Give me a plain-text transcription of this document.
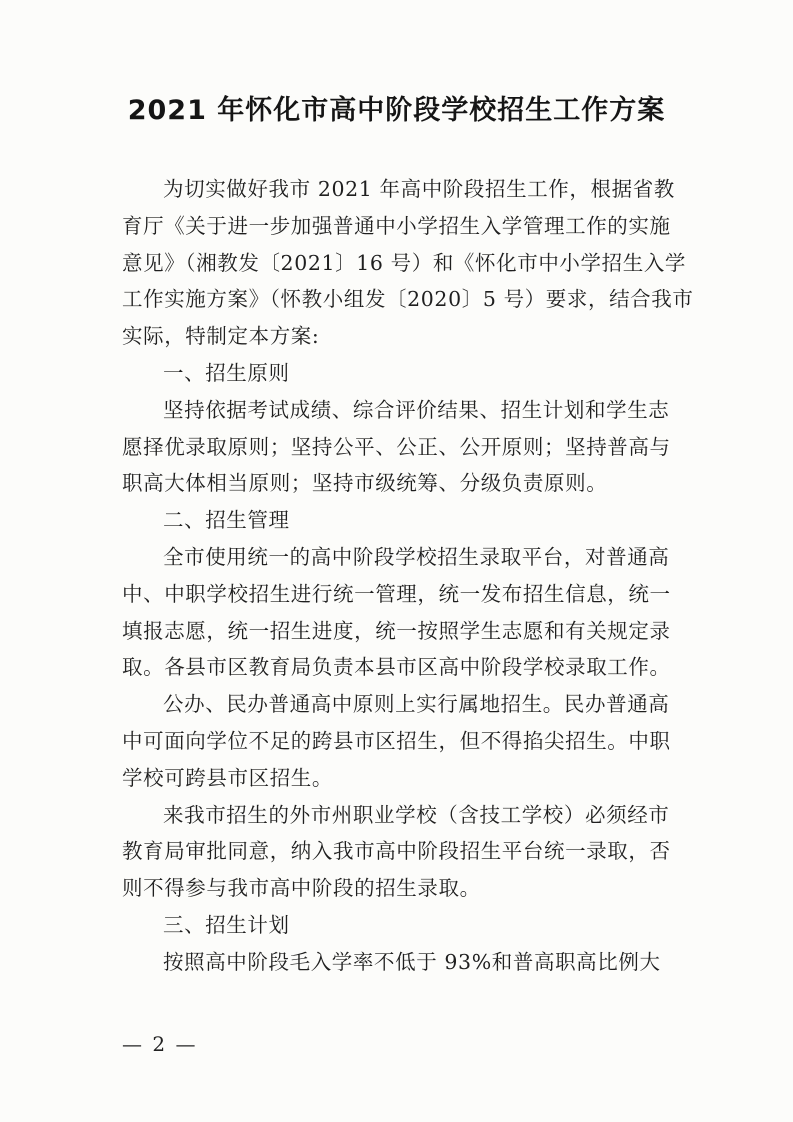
2021 年怀化市高中阶段学校招生工作方案
为切实做好我市 2021 年高中阶段招生工作，根据省教
育厅《关于进一步加强普通中小学招生入学管理工作的实施
意见》（湘教发〔2021〕16 号）和《怀化市中小学招生入学
工作实施方案》（怀教小组发〔2020〕5 号）要求，结合我市
实际，特制定本方案:
一、招生原则
坚持依据考试成绩、综合评价结果、招生计划和学生志
愿择优录取原则；坚持公平、公正、公开原则；坚持普高与
职高大体相当原则；坚持市级统筹、分级负责原则。
二、招生管理
全市使用统一的高中阶段学校招生录取平台，对普通高
中、中职学校招生进行统一管理，统一发布招生信息，统一
填报志愿，统一招生进度，统一按照学生志愿和有关规定录
取。各县市区教育局负责本县市区高中阶段学校录取工作。
公办、民办普通高中原则上实行属地招生。民办普通高
中可面向学位不足的跨县市区招生，但不得掐尖招生。中职
学校可跨县市区招生。
来我市招生的外市州职业学校（含技工学校）必须经市
教育局审批同意，纳入我市高中阶段招生平台统一录取，否
则不得参与我市高中阶段的招生录取。
三、招生计划
按照高中阶段毛入学率不低于 93%和普高职高比例大
— 2 —
